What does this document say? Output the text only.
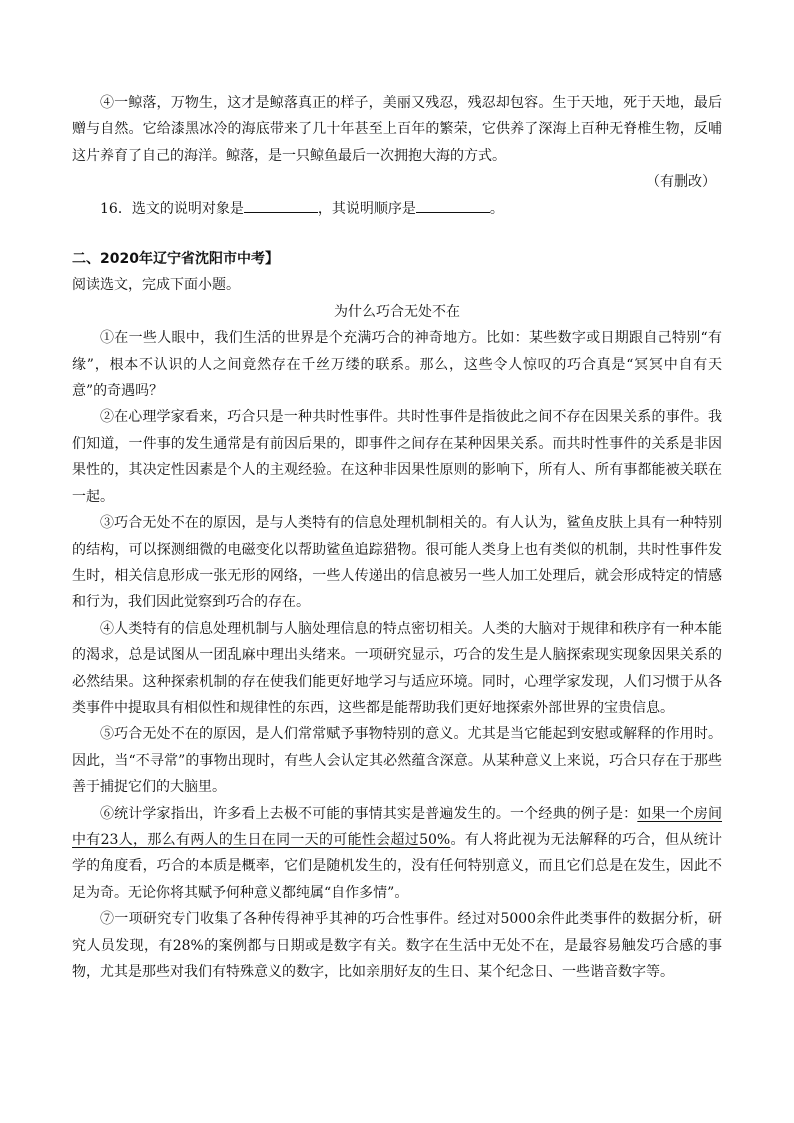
④一鲸落，万物生，这才是鲸落真正的样子，美丽又残忍，残忍却包容。生于天地，死于天地，最后赠与自然。它给漆黑冰冷的海底带来了几十年甚至上百年的繁荣，它供养了深海上百种无脊椎生物，反哺这片养育了自己的海洋。鲸落，是一只鲸鱼最后一次拥抱大海的方式。

（有删改）

16．选文的说明对象是	，其说明顺序是	。

二、2020年辽宁省沈阳市中考】

阅读选文，完成下面小题。

为什么巧合无处不在

①在一些人眼中，我们生活的世界是个充满巧合的神奇地方。比如：某些数字或日期跟自己特别“有缘”，根本不认识的人之间竟然存在千丝万缕的联系。那么，这些令人惊叹的巧合真是“冥冥中自有天意”的奇遇吗？

②在心理学家看来，巧合只是一种共时性事件。共时性事件是指彼此之间不存在因果关系的事件。我们知道，一件事的发生通常是有前因后果的，即事件之间存在某种因果关系。而共时性事件的关系是非因果性的，其决定性因素是个人的主观经验。在这种非因果性原则的影响下，所有人、所有事都能被关联在一起。

③巧合无处不在的原因，是与人类特有的信息处理机制相关的。有人认为，鲨鱼皮肤上具有一种特别的结构，可以探测细微的电磁变化以帮助鲨鱼追踪猎物。很可能人类身上也有类似的机制，共时性事件发生时，相关信息形成一张无形的网络，一些人传递出的信息被另一些人加工处理后，就会形成特定的情感和行为，我们因此觉察到巧合的存在。

④人类特有的信息处理机制与人脑处理信息的特点密切相关。人类的大脑对于规律和秩序有一种本能的渴求，总是试图从一团乱麻中理出头绪来。一项研究显示，巧合的发生是人脑探索现实现象因果关系的必然结果。这种探索机制的存在使我们能更好地学习与适应环境。同时，心理学家发现，人们习惯于从各类事件中提取具有相似性和规律性的东西，这些都是能帮助我们更好地探索外部世界的宝贵信息。

⑤巧合无处不在的原因，是人们常常赋予事物特别的意义。尤其是当它能起到安慰或解释的作用时。因此，当“不寻常”的事物出现时，有些人会认定其必然蕴含深意。从某种意义上来说，巧合只存在于那些善于捕捉它们的大脑里。

⑥统计学家指出，许多看上去极不可能的事情其实是普遍发生的。一个经典的例子是：如果一个房间中有23人，那么有两人的生日在同一天的可能性会超过50%。有人将此视为无法解释的巧合，但从统计学的角度看，巧合的本质是概率，它们是随机发生的，没有任何特别意义，而且它们总是在发生，因此不足为奇。无论你将其赋予何种意义都纯属“自作多情”。

⑦一项研究专门收集了各种传得神乎其神的巧合性事件。经过对5000余件此类事件的数据分析，研究人员发现，有28%的案例都与日期或是数字有关。数字在生活中无处不在，是最容易触发巧合感的事物，尤其是那些对我们有特殊意义的数字，比如亲朋好友的生日、某个纪念日、一些谐音数字等。
